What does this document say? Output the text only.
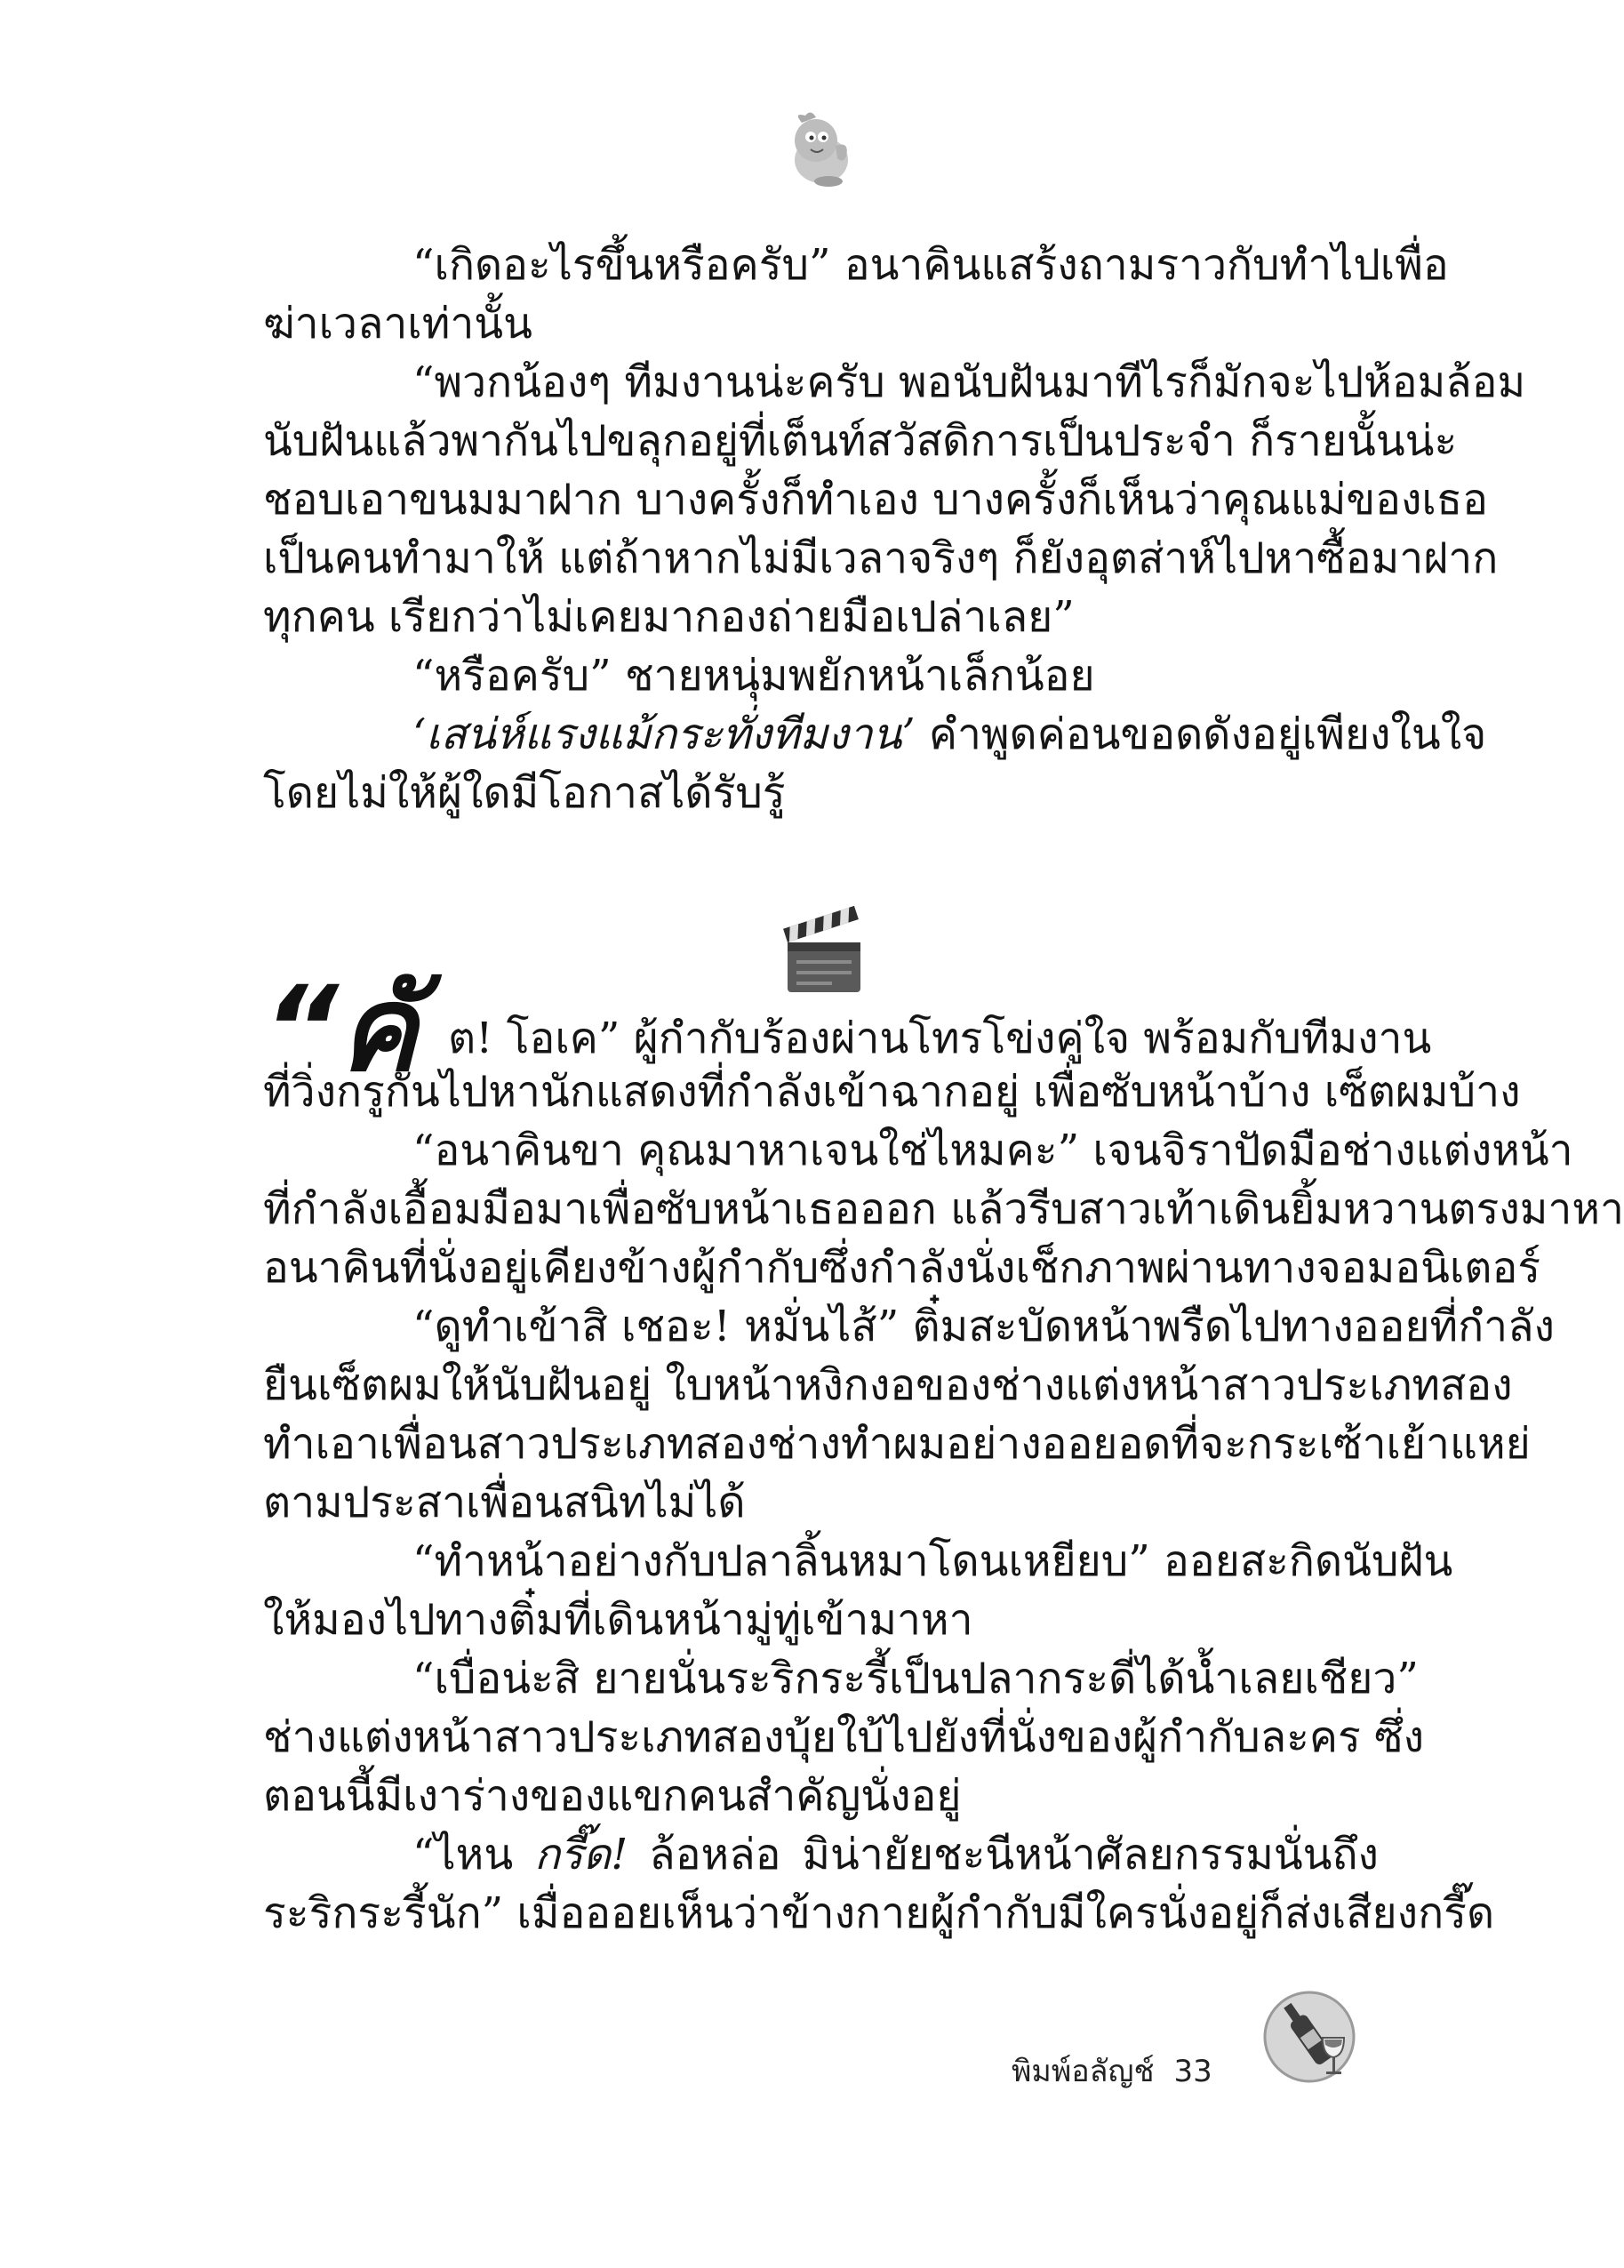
“เกิดอะไรขึ้นหรือครับ” อนาคินแสร้งถามราวกับทำไปเพื่อ
ฆ่าเวลาเท่านั้น
“พวกน้องๆ ทีมงานน่ะครับ พอนับฝันมาทีไรก็มักจะไปห้อมล้อม
นับฝันแล้วพากันไปขลุกอยู่ที่เต็นท์สวัสดิการเป็นประจำ ก็รายนั้นน่ะ
ชอบเอาขนมมาฝาก บางครั้งก็ทำเอง บางครั้งก็เห็นว่าคุณแม่ของเธอ
เป็นคนทำมาให้ แต่ถ้าหากไม่มีเวลาจริงๆ ก็ยังอุตส่าห์ไปหาซื้อมาฝาก
ทุกคน เรียกว่าไม่เคยมากองถ่ายมือเปล่าเลย”
“หรือครับ” ชายหนุ่มพยักหน้าเล็กน้อย
‘เสน่ห์แรงแม้กระทั่งทีมงาน’ คำพูดค่อนขอดดังอยู่เพียงในใจ
โดยไม่ให้ผู้ใดมีโอกาสได้รับรู้
“คั ต! โอเค” ผู้กำกับร้องผ่านโทรโข่งคู่ใจ พร้อมกับทีมงาน
ที่วิ่งกรูกันไปหานักแสดงที่กำลังเข้าฉากอยู่ เพื่อซับหน้าบ้าง เซ็ตผมบ้าง
“อนาคินขา คุณมาหาเจนใช่ไหมคะ” เจนจิราปัดมือช่างแต่งหน้า
ที่กำลังเอื้อมมือมาเพื่อซับหน้าเธอออก แล้วรีบสาวเท้าเดินยิ้มหวานตรงมาหา
อนาคินที่นั่งอยู่เคียงข้างผู้กำกับซึ่งกำลังนั่งเช็กภาพผ่านทางจอมอนิเตอร์
“ดูทำเข้าสิ เชอะ! หมั่นไส้” ติ๋มสะบัดหน้าพรืดไปทางออยที่กำลัง
ยืนเซ็ตผมให้นับฝันอยู่ ใบหน้าหงิกงอของช่างแต่งหน้าสาวประเภทสอง
ทำเอาเพื่อนสาวประเภทสองช่างทำผมอย่างออยอดที่จะกระเซ้าเย้าแหย่
ตามประสาเพื่อนสนิทไม่ได้
“ทำหน้าอย่างกับปลาลิ้นหมาโดนเหยียบ” ออยสะกิดนับฝัน
ให้มองไปทางติ๋มที่เดินหน้ามู่ทู่เข้ามาหา
“เบื่อน่ะสิ ยายนั่นระริกระรี้เป็นปลากระดี่ได้น้ำเลยเชียว”
ช่างแต่งหน้าสาวประเภทสองบุ้ยใบ้ไปยังที่นั่งของผู้กำกับละคร ซึ่ง
ตอนนี้มีเงาร่างของแขกคนสำคัญนั่งอยู่
“ไหน กรี๊ด! ล้อหล่อ มิน่ายัยชะนีหน้าศัลยกรรมนั่นถึง
ระริกระรี้นัก” เมื่อออยเห็นว่าข้างกายผู้กำกับมีใครนั่งอยู่ก็ส่งเสียงกรี๊ด
พิมพ์อลัญช์ 33
